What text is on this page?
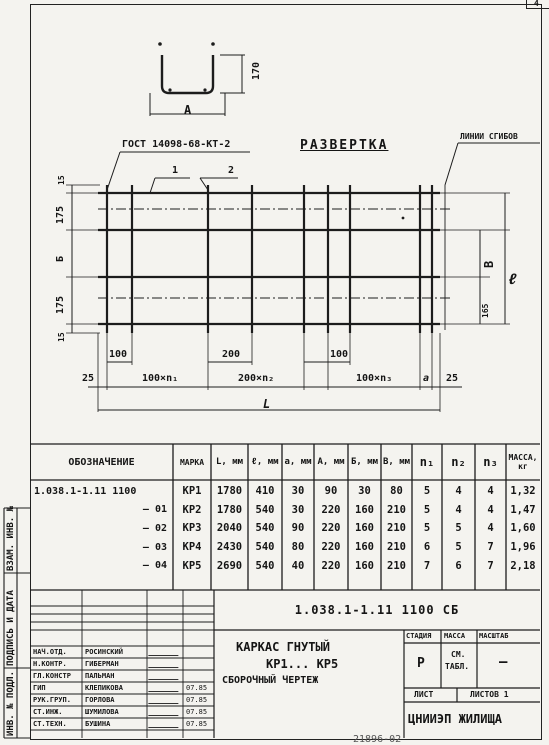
4
A
170
ГОСТ 14098-68-КТ-2	РАЗВЕРТКА
ЛИНИИ СГИБОВ
1	2
15
175
Б
175
15
В
ℓ
165
100	200	100
25	100×n₁	200×n₂	100×n₃	a 25
L
ОБОЗНАЧЕНИЕ	МАРКА	L, мм ℓ, мм a, мм A, мм Б, мм В, мм n₁	n₂	n₃	МАССА, кг
1.038.1-1.11 1100	КР1	1780	410	30	90	30	80	5	4	4	1,32
– 01	КР2	1780	540	30	220	160	210	5	4	4	1,47
– 02	КР3	2040	540	90	220	160	210	5	5	4	1,60
– 03	КР4	2430	540	80	220	160	210	6	5	7	1,96
– 04	КР5	2690	540	40	220	160	210	7	6	7	2,18
1.038.1-1.11 1100 СБ
КАРКАС ГНУТЫЙ
КР1... КР5
СБОРОЧНЫЙ ЧЕРТЕЖ
СТАДИЯ МАССА МАСШТАБ
Р
СМ.
ТАБЛ. —
ЛИСТ	ЛИСТОВ 1
ЦНИИЭП ЖИЛИЩА
НАЧ.ОТД.	РОСИНСКИЙ
Н.КОНТР.	ГИБЕРМАН
ГЛ.КОНСТР ПАЛЬМАН
ГИП	КЛЕПИКОВА	07.85
РУК.ГРУП. ГОРЛОВА	07.85
СТ.ИНЖ.	ШУМИЛОВА	07.85
СТ.ТЕХН.	БУШИНА	07.85
ИНВ. № ПОДЛ.
ПОДПИСЬ И ДАТА
ВЗАМ. ИНВ. №
21896-02
